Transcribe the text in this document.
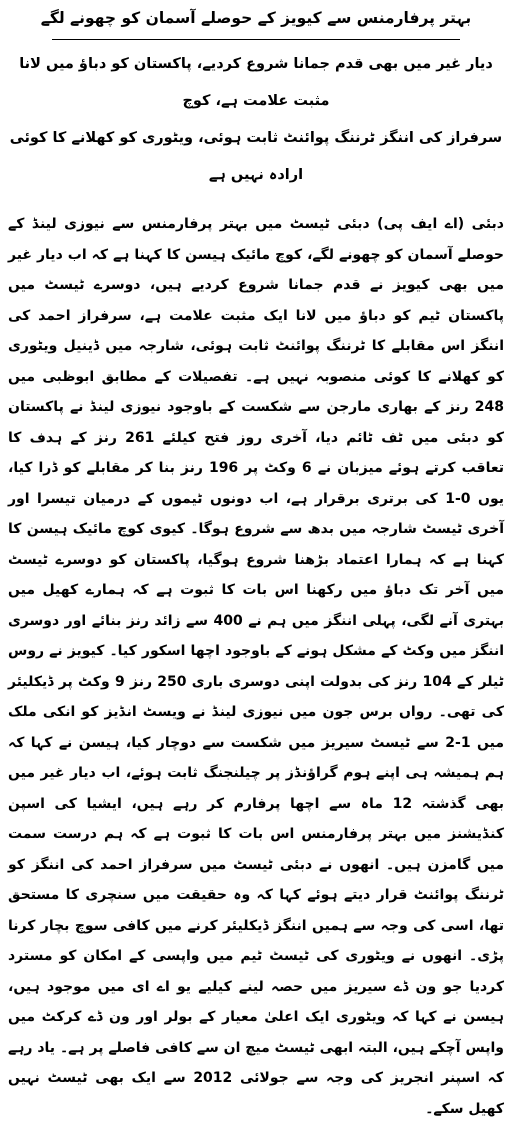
بہتر پرفارمنس سے کیویز کے حوصلے آسمان کو چھونے لگے

دیار غیر میں بھی قدم جمانا شروع کردیے، پاکستان کو دباؤ میں لانا مثبت علامت ہے، کوچ

سرفراز کی اننگز ٹرننگ پوائنٹ ثابت ہوئی، ویٹوری کو کھلانے کا کوئی ارادہ نہیں ہے

دبئی (اے ایف پی) دبئی ٹیسٹ میں بہتر پرفارمنس سے نیوزی لینڈ کے حوصلے آسمان کو چھونے لگے، کوچ مائیک ہیسن کا کہنا ہے کہ اب دیار غیر میں بھی کیویز نے قدم جمانا شروع کردیے ہیں، دوسرے ٹیسٹ میں پاکستان ٹیم کو دباؤ میں لانا ایک مثبت علامت ہے، سرفراز احمد کی اننگز اس مقابلے کا ٹرننگ پوائنٹ ثابت ہوئی، شارجہ میں ڈینیل ویٹوری کو کھلانے کا کوئی منصوبہ نہیں ہے۔ تفصیلات کے مطابق ابوظبی میں 248 رنز کے بھاری مارجن سے شکست کے باوجود نیوزی لینڈ نے پاکستان کو دبئی میں ٹف ٹائم دیا، آخری روز فتح کیلئے 261 رنز کے ہدف کا تعاقب کرتے ہوئے میزبان نے 6 وکٹ پر 196 رنز بنا کر مقابلے کو ڈرا کیا، یوں 0-1 کی برتری برقرار ہے، اب دونوں ٹیموں کے درمیان تیسرا اور آخری ٹیسٹ شارجہ میں بدھ سے شروع ہوگا۔ کیوی کوچ مائیک ہیسن کا کہنا ہے کہ ہمارا اعتماد بڑھنا شروع ہوگیا، پاکستان کو دوسرے ٹیسٹ میں آخر تک دباؤ میں رکھنا اس بات کا ثبوت ہے کہ ہمارے کھیل میں بہتری آنے لگی، پہلی اننگز میں ہم نے 400 سے زائد رنز بنائے اور دوسری اننگز میں وکٹ کے مشکل ہونے کے باوجود اچھا اسکور کیا۔ کیویز نے روس ٹیلر کے 104 رنز کی بدولت اپنی دوسری باری 250 رنز 9 وکٹ پر ڈیکلیئر کی تھی۔ رواں برس جون میں نیوزی لینڈ نے ویسٹ انڈیز کو انکی ملک میں 1-2 سے ٹیسٹ سیریز میں شکست سے دوچار کیا، ہیسن نے کہا کہ ہم ہمیشہ ہی اپنے ہوم گراؤنڈز پر چیلنجنگ ثابت ہوئے، اب دیار غیر میں بھی گذشتہ 12 ماہ سے اچھا پرفارم کر رہے ہیں، ایشیا کی اسپن کنڈیشنز میں بہتر پرفارمنس اس بات کا ثبوت ہے کہ ہم درست سمت میں گامزن ہیں۔ انھوں نے دبئی ٹیسٹ میں سرفراز احمد کی اننگز کو ٹرننگ پوائنٹ قرار دیتے ہوئے کہا کہ وہ حقیقت میں سنچری کا مستحق تھا، اسی کی وجہ سے ہمیں اننگز ڈیکلیئر کرنے میں کافی سوچ بچار کرنا پڑی۔ انھوں نے ویٹوری کی ٹیسٹ ٹیم میں واپسی کے امکان کو مسترد کردیا جو ون ڈے سیریز میں حصہ لینے کیلیے یو اے ای میں موجود ہیں، ہیسن نے کہا کہ ویٹوری ایک اعلیٰ معیار کے بولر اور ون ڈے کرکٹ میں واپس آچکے ہیں، البتہ ابھی ٹیسٹ میچ ان سے کافی فاصلے پر ہے۔ یاد رہے کہ اسپنر انجریز کی وجہ سے جولائی 2012 سے ایک بھی ٹیسٹ نہیں کھیل سکے۔
